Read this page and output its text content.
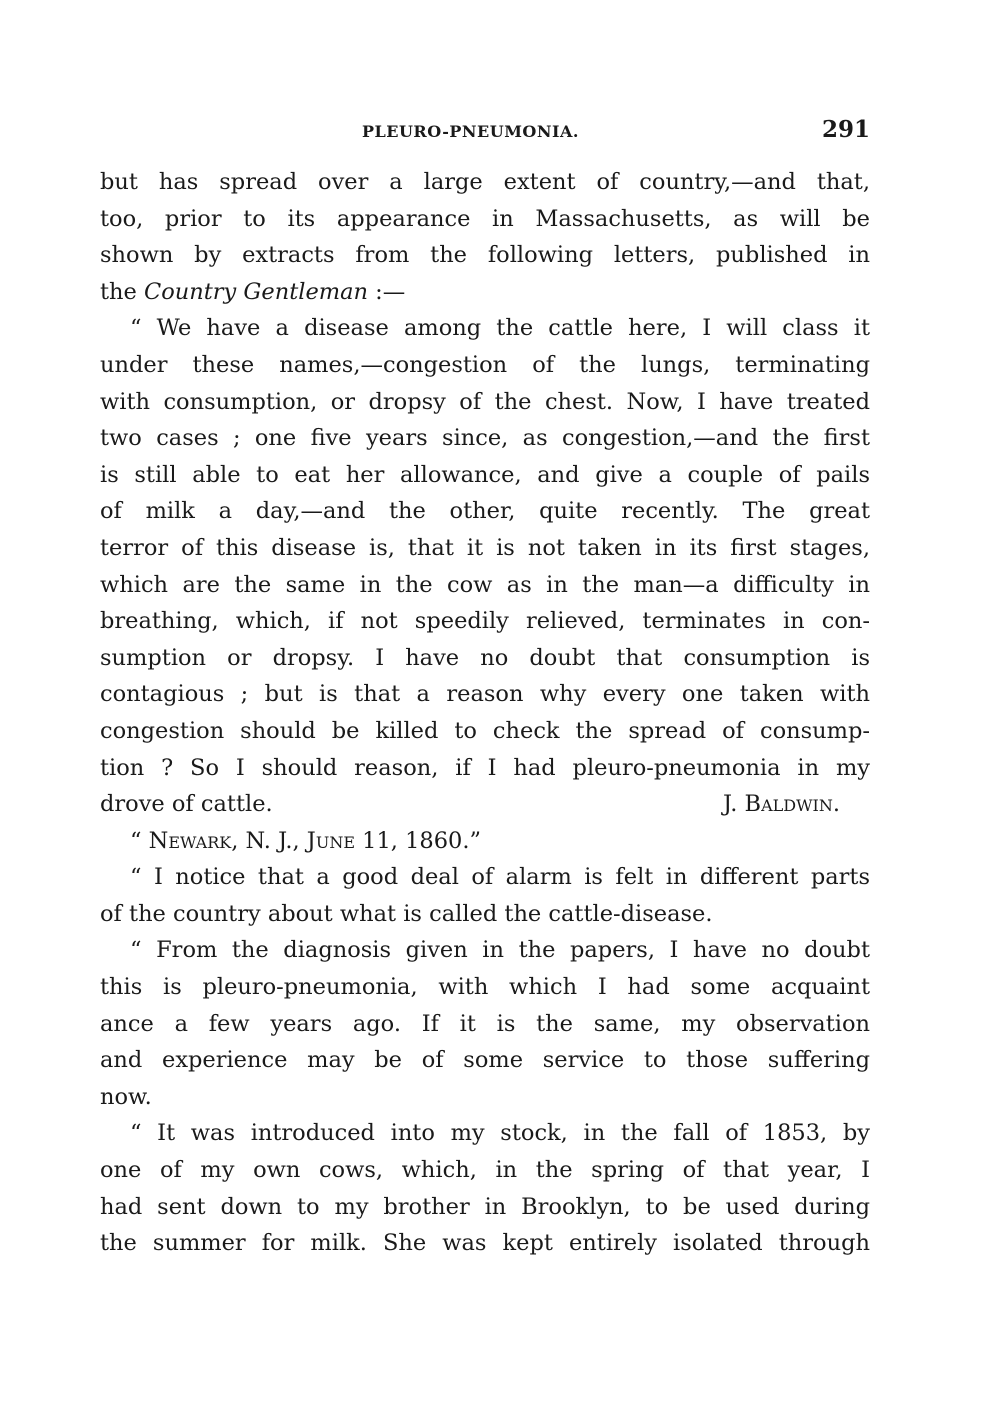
PLEURO-PNEUMONIA.	291
but has spread over a large extent of country,—and that,
too, prior to its appearance in Massachusetts, as will be
shown by extracts from the following letters, published in
the Country Gentleman :—
“ We have a disease among the cattle here, I will class it
under these names,—congestion of the lungs, terminating
with consumption, or dropsy of the chest. Now, I have treated
two cases ; one five years since, as congestion,—and the first
is still able to eat her allowance, and give a couple of pails
of milk a day,—and the other, quite recently. The great
terror of this disease is, that it is not taken in its first stages,
which are the same in the cow as in the man—a difficulty in
breathing, which, if not speedily relieved, terminates in con-
sumption or dropsy. I have no doubt that consumption is
contagious ; but is that a reason why every one taken with
congestion should be killed to check the spread of consump-
tion ? So I should reason, if I had pleuro-pneumonia in my
drove of cattle.	J. Baldwin.
“ Newark, N. J., June 11, 1860.”
“ I notice that a good deal of alarm is felt in different parts
of the country about what is called the cattle-disease.
“ From the diagnosis given in the papers, I have no doubt
this is pleuro-pneumonia, with which I had some acquaint
ance a few years ago. If it is the same, my observation
and experience may be of some service to those suffering
now.
“ It was introduced into my stock, in the fall of 1853, by
one of my own cows, which, in the spring of that year, I
had sent down to my brother in Brooklyn, to be used during
the summer for milk. She was kept entirely isolated through
